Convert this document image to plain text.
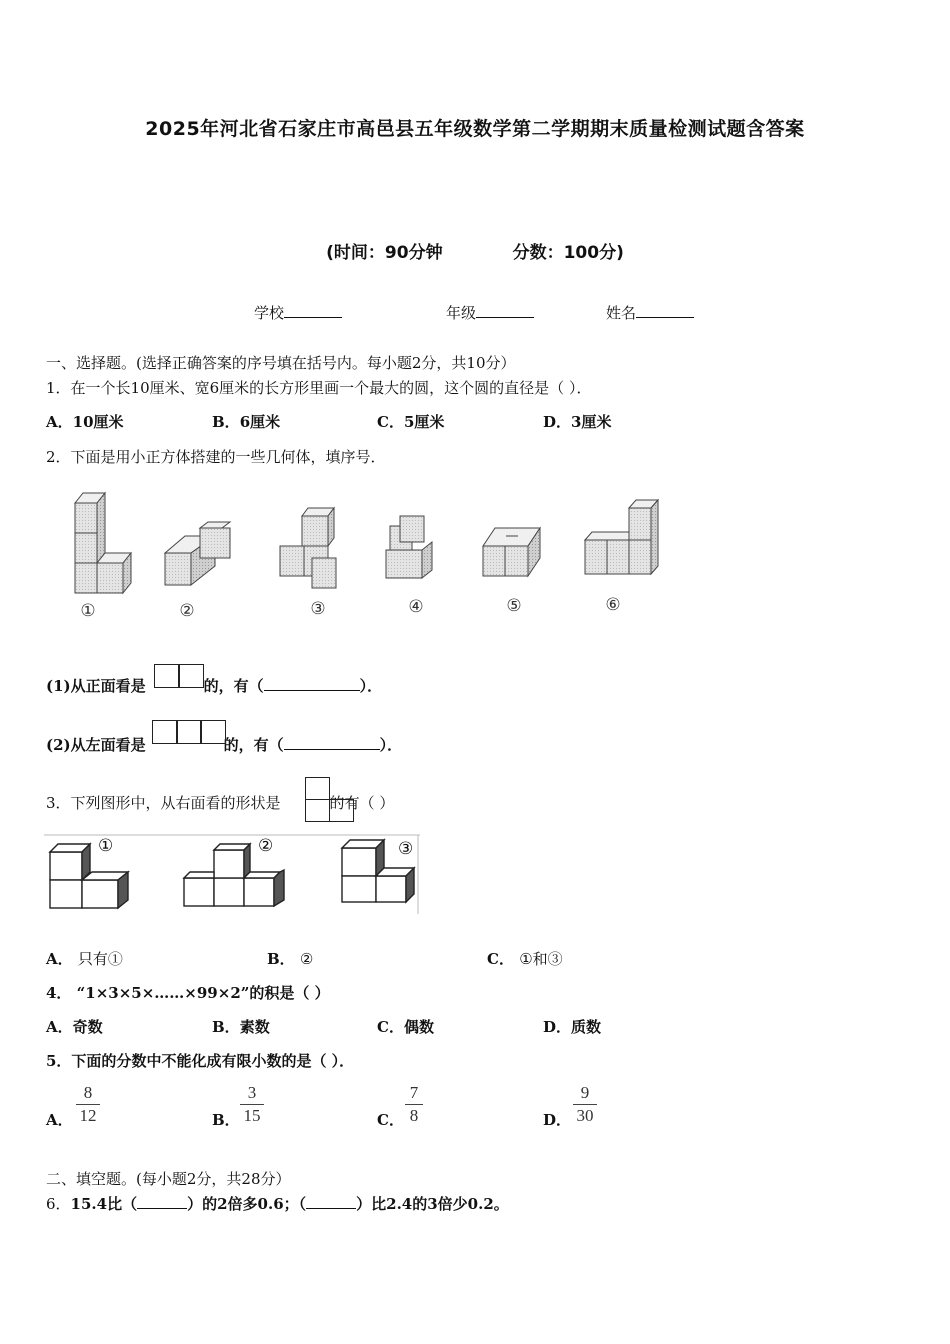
2025年河北省石家庄市高邑县五年级数学第二学期期末质量检测试题含答案
(时间：90分钟	分数：100分)
学校	年级	姓名
一、选择题。(选择正确答案的序号填在括号内。每小题2分，共10分）
1．在一个长10厘米、宽6厘米的长方形里画一个最大的圆，这个圆的直径是（ ）．
A．10厘米	B．6厘米	C．5厘米	D．3厘米
2．下面是用小正方体搭建的一些几何体，填序号．
①	②	③	④	⑤	⑥
(1)从正面看是	的，有（	）．
(2)从左面看是	的，有（	）．
3．下列图形中，从右面看的形状是	的有（ ）
①	②	③
A． 只有①	B． ②	C． ①和③
4． “1×3×5×……×99×2”的积是（ ）
A．奇数	B．素数	C．偶数	D．质数
5．下面的分数中不能化成有限小数的是（ ）．
A．
8
12	B．
3
15	C．
7
8	D．
9
30
二、填空题。(每小题2分，共28分）
6．15.4比（	）的2倍多0.6；（	）比2.4的3倍少0.2。
